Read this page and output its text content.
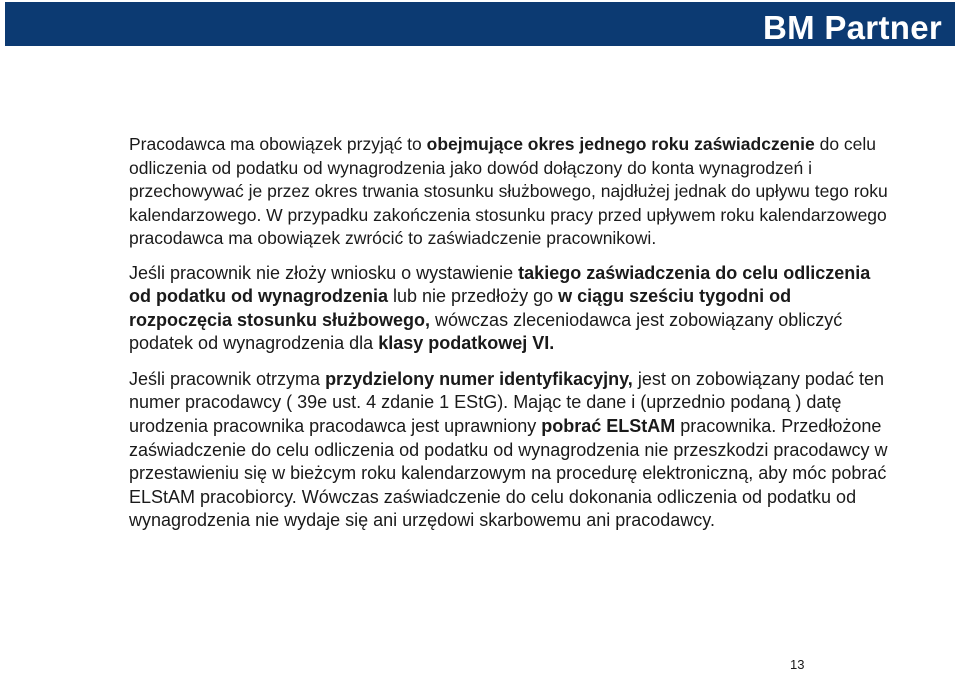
BM Partner

Pracodawca ma obowiązek przyjąć to obejmujące okres jednego roku zaświadczenie do celu odliczenia od podatku od wynagrodzenia jako dowód dołączony do konta wynagrodzeń i przechowywać je przez okres trwania stosunku służbowego, najdłużej jednak do upływu tego roku kalendarzowego. W przypadku zakończenia stosunku pracy przed upływem roku kalendarzowego pracodawca ma obowiązek zwrócić to zaświadczenie pracownikowi.

Jeśli pracownik nie złoży wniosku o wystawienie takiego zaświadczenia do celu odliczenia od podatku od wynagrodzenia lub nie przedłoży go w ciągu sześciu tygodni od rozpoczęcia stosunku służbowego, wówczas zleceniodawca jest zobowiązany obliczyć podatek od wynagrodzenia dla klasy podatkowej VI.

Jeśli pracownik otrzyma przydzielony numer identyfikacyjny, jest on zobowiązany podać ten numer pracodawcy ( 39e ust. 4 zdanie 1 EStG). Mając te dane i (uprzednio podaną ) datę urodzenia pracownika pracodawca jest uprawniony pobrać ELStAM pracownika. Przedłożone zaświadczenie do celu odliczenia od podatku od wynagrodzenia nie przeszkodzi pracodawcy w przestawieniu się w bieżcym roku kalendarzowym na procedurę elektroniczną, aby móc pobrać ELStAM pracobiorcy. Wówczas zaświadczenie do celu dokonania odliczenia od podatku od wynagrodzenia nie wydaje się ani urzędowi skarbowemu ani pracodawcy.

13
